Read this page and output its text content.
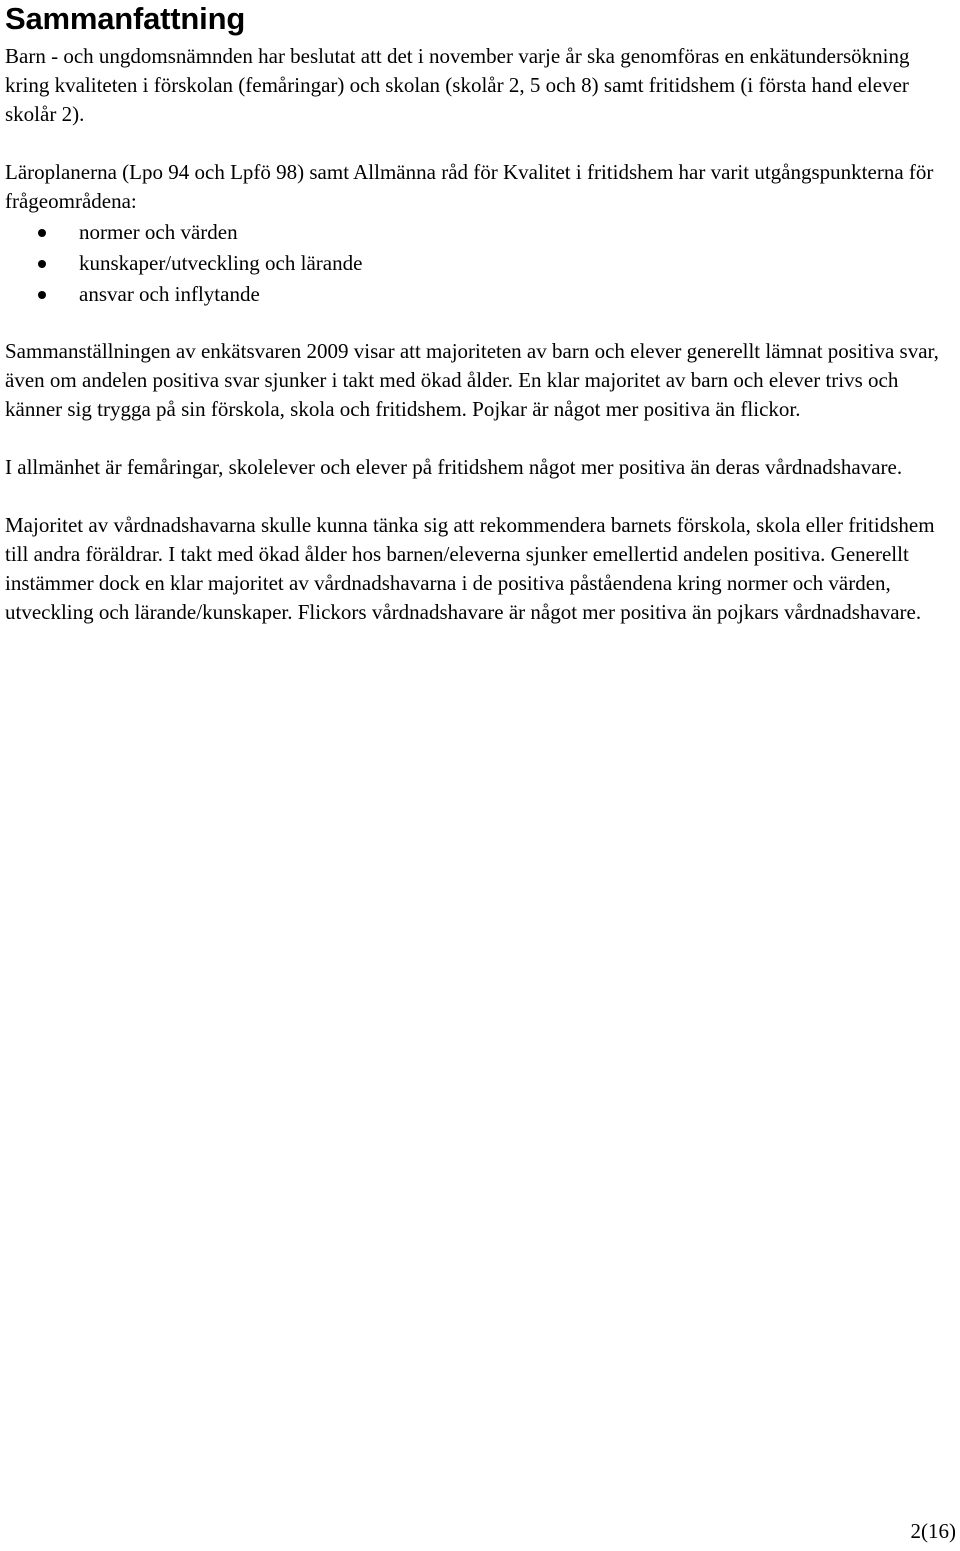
Sammanfattning

Barn - och ungdomsnämnden har beslutat att det i november varje år ska genomföras en enkätundersökning kring kvaliteten i förskolan (femåringar) och skolan (skolår 2, 5 och 8) samt fritidshem (i första hand elever skolår 2).

Läroplanerna (Lpo 94 och Lpfö 98) samt Allmänna råd för Kvalitet i fritidshem har varit utgångspunkterna för frågeområdena:

normer och värden
kunskaper/utveckling och lärande
ansvar och inflytande

Sammanställningen av enkätsvaren 2009 visar att majoriteten av barn och elever generellt lämnat positiva svar, även om andelen positiva svar sjunker i takt med ökad ålder. En klar majoritet av barn och elever trivs och känner sig trygga på sin förskola, skola och fritidshem. Pojkar är något mer positiva än flickor.

I allmänhet är femåringar, skolelever och elever på fritidshem något mer positiva än deras vårdnadshavare.

Majoritet av vårdnadshavarna skulle kunna tänka sig att rekommendera barnets förskola, skola eller fritidshem till andra föräldrar. I takt med ökad ålder hos barnen/eleverna sjunker emellertid andelen positiva. Generellt instämmer dock en klar majoritet av vårdnadshavarna i de positiva påståendena kring normer och värden, utveckling och lärande/kunskaper. Flickors vårdnadshavare är något mer positiva än pojkars vårdnadshavare.

2(16)
